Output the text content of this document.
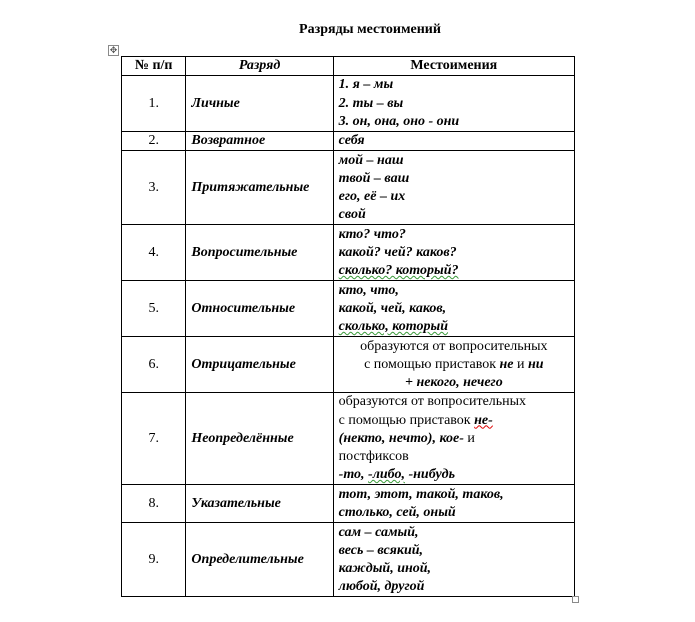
Разряды местоимений
✥
№ п/п	Разряд	Местоимения
1.	Личные	1. я – мы
2. ты – вы
3. он, она, оно - они

2.	Возвратное	себя

3.	Притяжательные	мой – наш
твой – ваш
его, её – их
свой

4.	Вопросительные	кто? что?
какой? чей? каков?
сколько? который?

5.	Относительные	кто, что,
какой, чей, каков,
сколько, который

6.	Отрицательные	образуются от вопросительных
с помощью приставок не и ни
+ некого, нечего

7.	Неопределённые	образуются от вопросительных
с помощью приставок не-
(некто, нечто), кое- и
постфиксов
-то, -либо, -нибудь

8.	Указательные	тот, этот, такой, таков,
столько, сей, оный

9.	Определительные	сам – самый,
весь – всякий,
каждый, иной,
любой, другой
